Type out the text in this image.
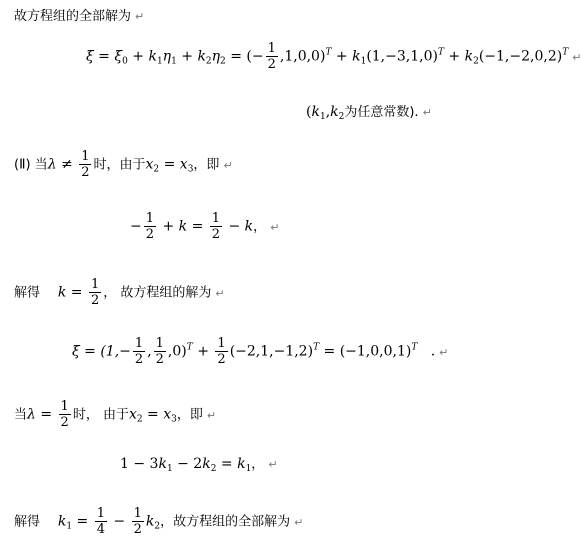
故方程组的全部解为 ↵
$\xi = \xi_0 + k_1\eta_1 + k_2\eta_2$ = (− $\frac{1}{2} ,1,0,0)^T + k_1(1,-3,1,0)^T + k_2(-1,-2,0,2)^T$ ↵
($k_1,k_2$为任意常数). ↵
(Ⅱ) 当$\lambda \ne \frac{1}{2}$ 时，由于$x_2 = x_3$，即 ↵
− $\frac{1}{2} + k = \frac{1}{2} - k$， ↵
解得 $k = \frac{1}{2}$ ， 故方程组的解为 ↵
$\xi = (1,- \frac{1}{2}$ , $\frac{1}{2} ,0)^T + \frac{1}{2} (-2,1,-1,2)^T = (-1,0,0,1)^T$   . ↵
当$\lambda = \frac{1}{2}$ 时， 由于$x_2 = x_3$，即 ↵
$1 - 3k_1 - 2k_2 = k_1$， ↵
解得 $k_1 = \frac{1}{4} - \frac{1}{2} k_2$，故方程组的全部解为 ↵
